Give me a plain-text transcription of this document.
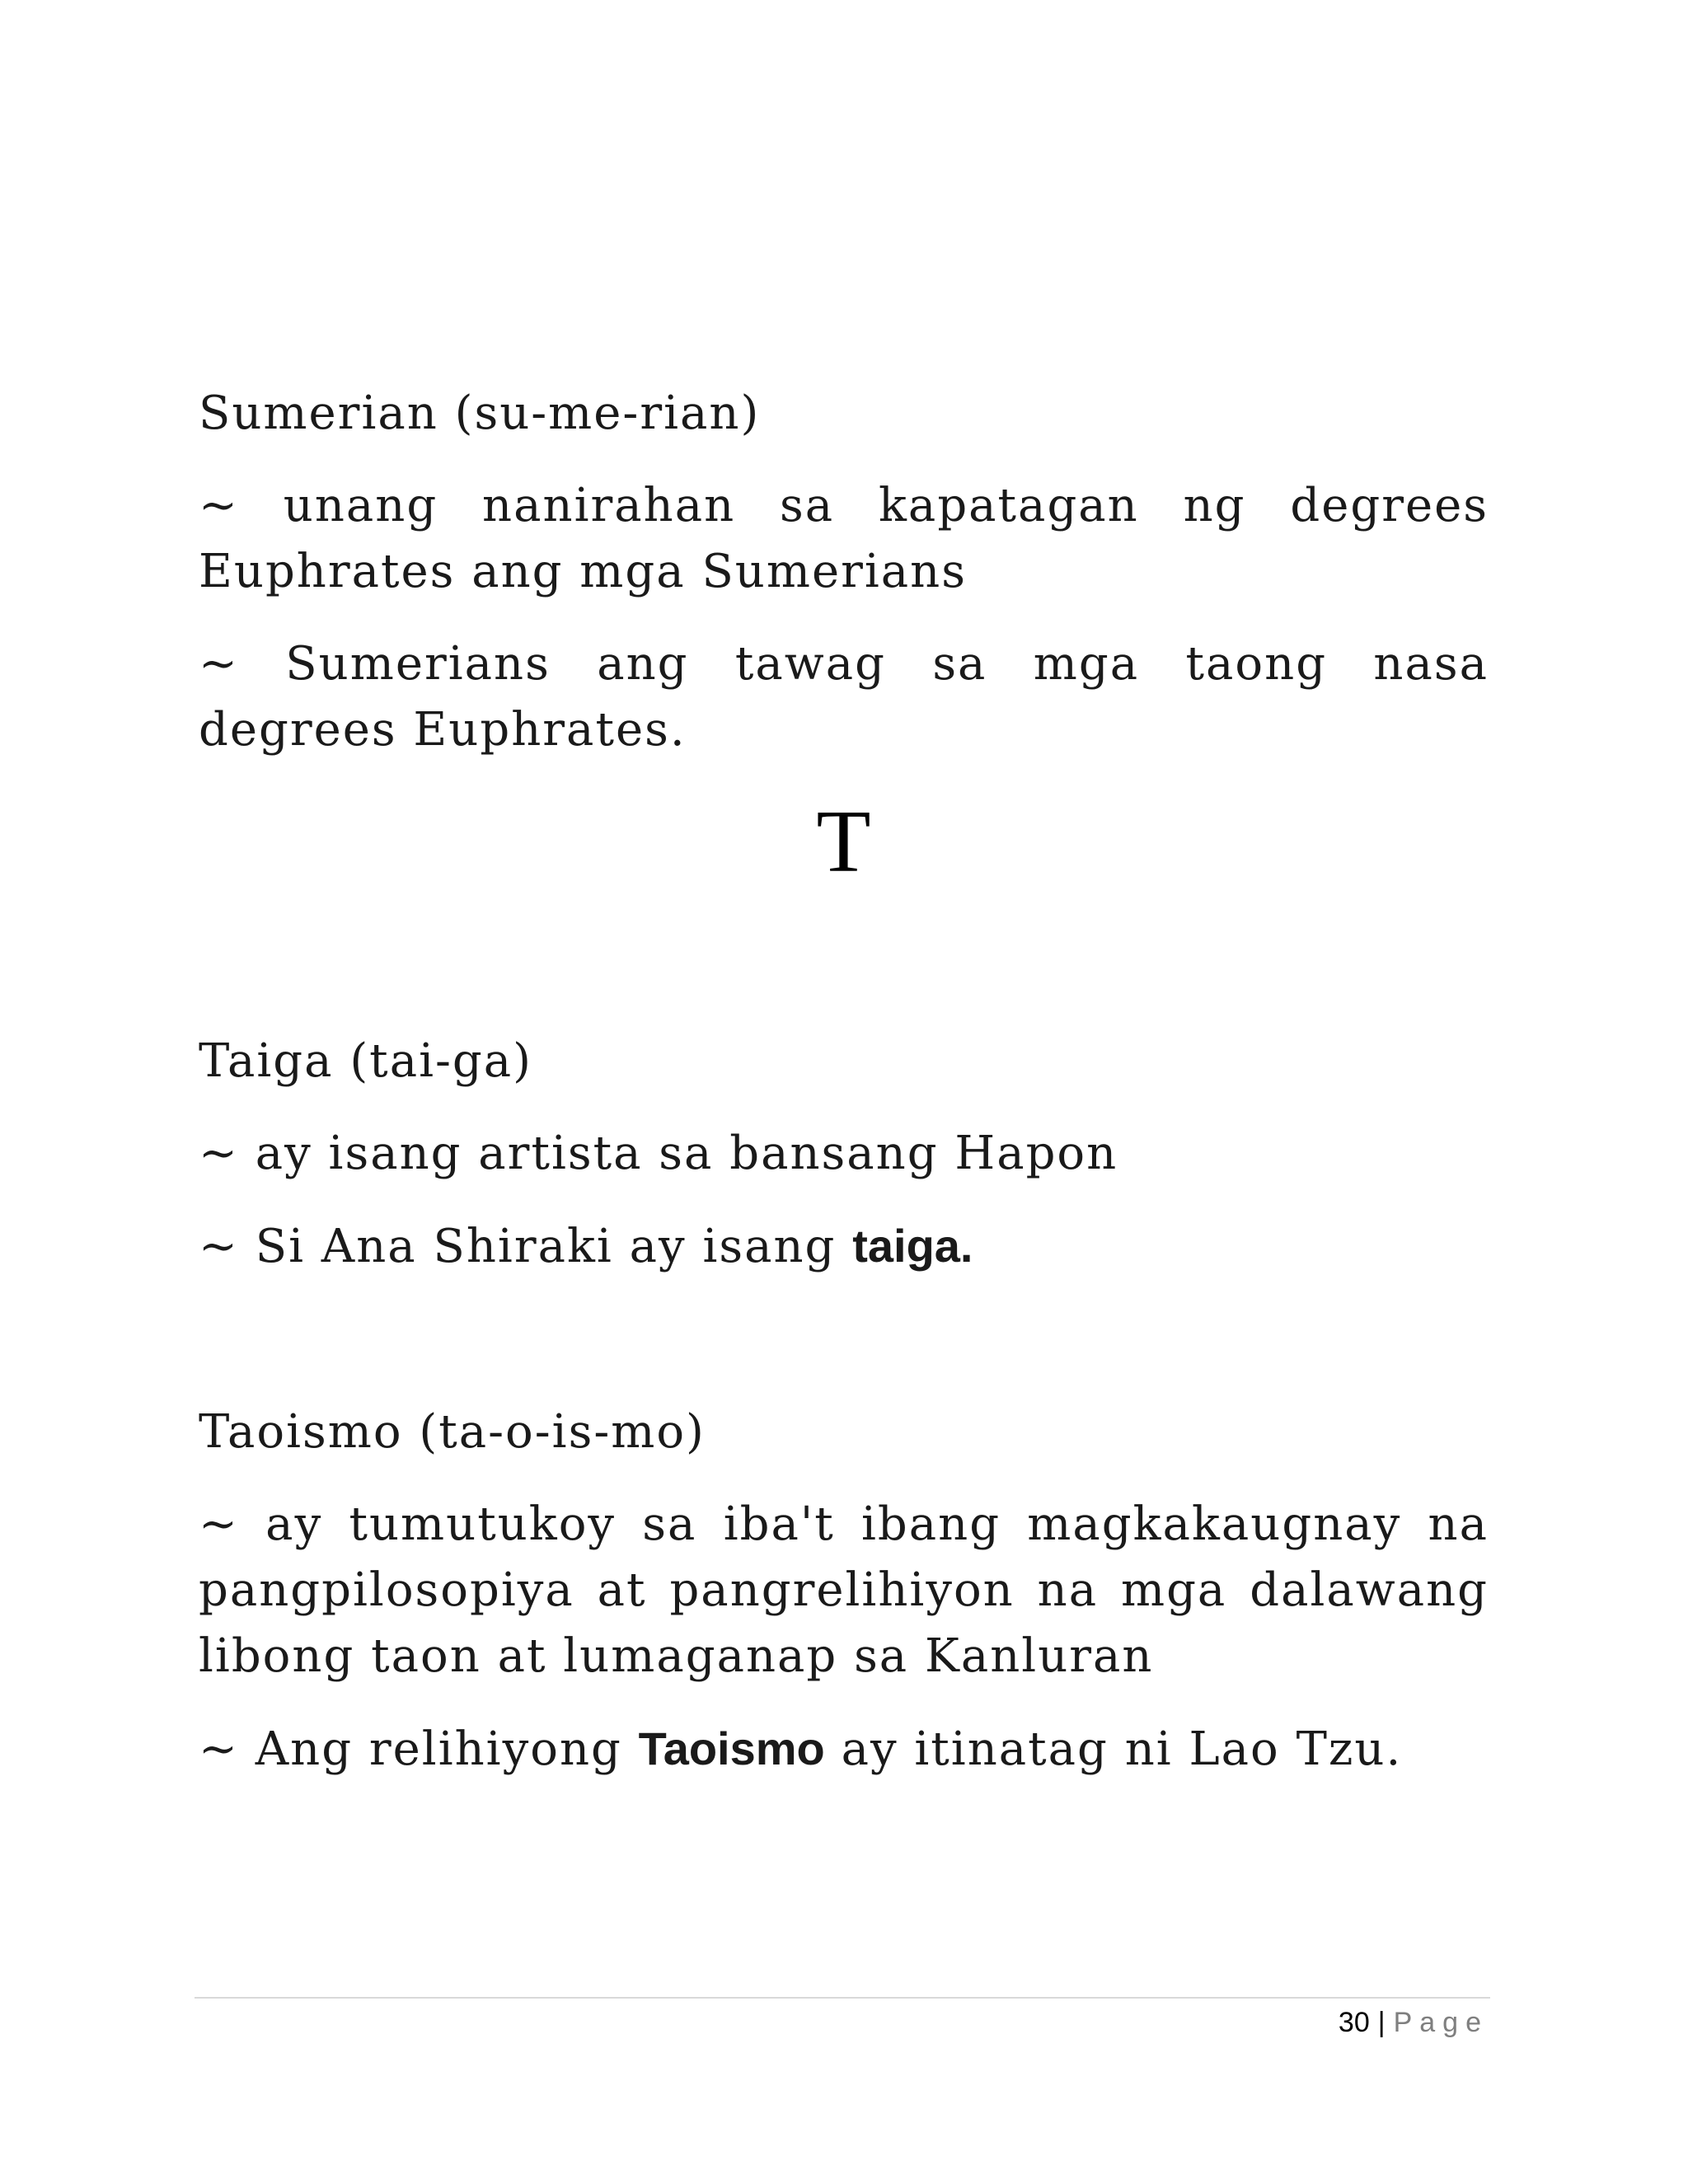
Sumerian (su-me-rian)

~ unang nanirahan sa kapatagan ng degrees Euphrates ang mga Sumerians

~ Sumerians ang tawag sa mga taong nasa degrees Euphrates.

T

Taiga (tai-ga)

~ ay isang artista sa bansang Hapon

~ Si Ana Shiraki ay isang taiga.

Taoismo (ta-o-is-mo)

~ ay tumutukoy sa iba't ibang magkakaugnay na pangpilosopiya at pangrelihiyon na mga dalawang libong taon at lumaganap sa Kanluran

~ Ang relihiyong Taoismo ay itinatag ni Lao Tzu.

30 | Page
